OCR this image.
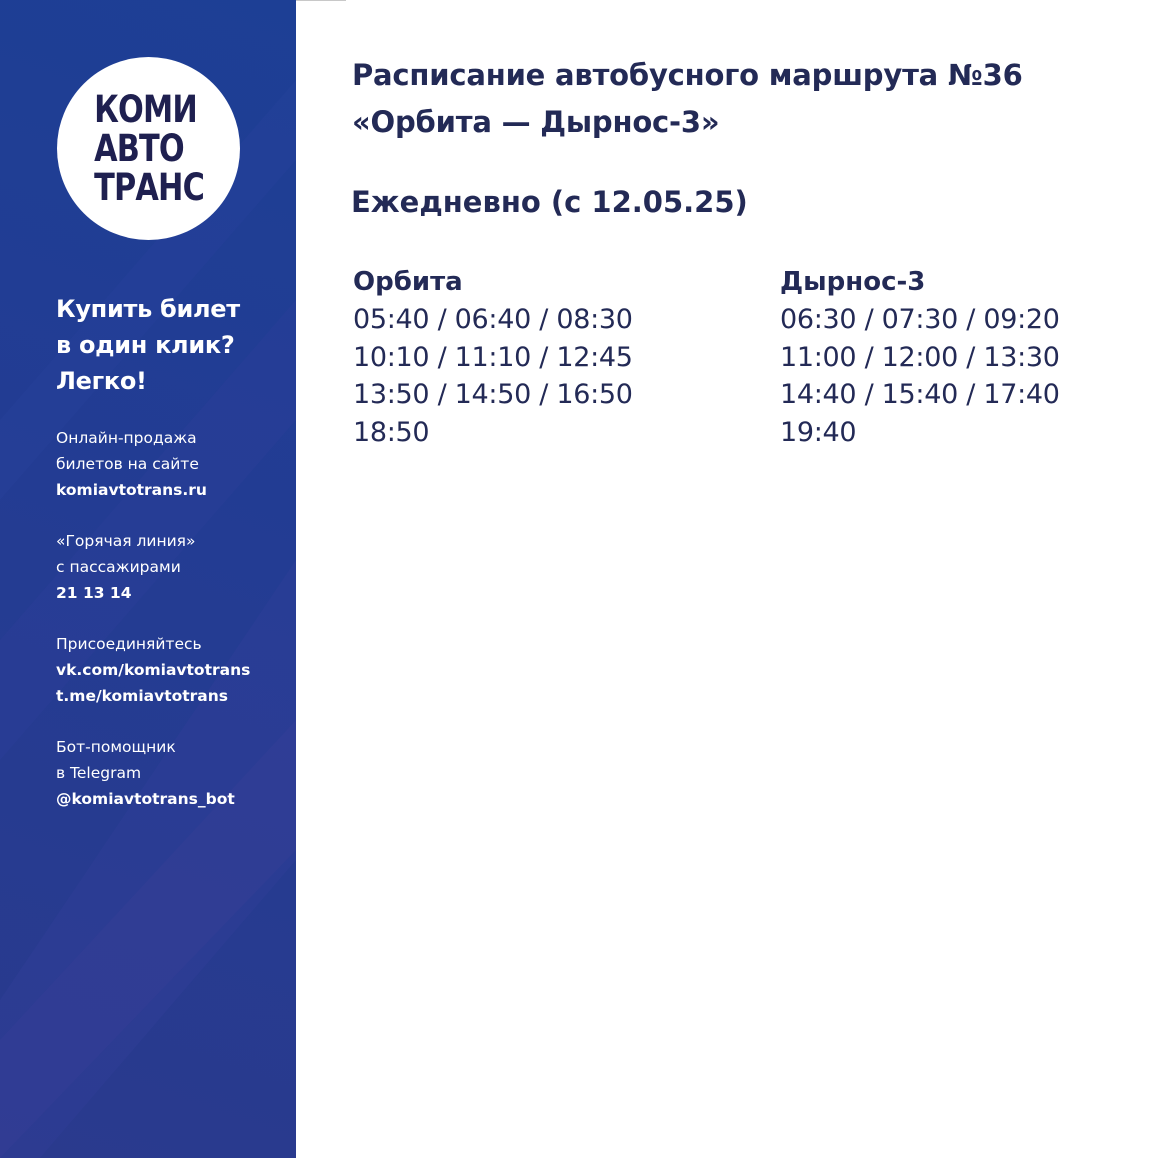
КОМИ
АВТО
ТРАНС
Купить билет
в один клик?
Легко!
Онлайн-продажа
билетов на сайте
komiavtotrans.ru
«Горячая линия»
с пассажирами
21 13 14
Присоединяйтесь
vk.com/komiavtotrans
t.me/komiavtotrans
Бот-помощник
в Telegram
@komiavtotrans_bot
Расписание автобусного маршрута №36
«Орбита — Дырнос-3»
Ежедневно (с 12.05.25)
Орбита
05:40 / 06:40 / 08:30
10:10 / 11:10 / 12:45
13:50 / 14:50 / 16:50
18:50
Дырнос-3
06:30 / 07:30 / 09:20
11:00 / 12:00 / 13:30
14:40 / 15:40 / 17:40
19:40
